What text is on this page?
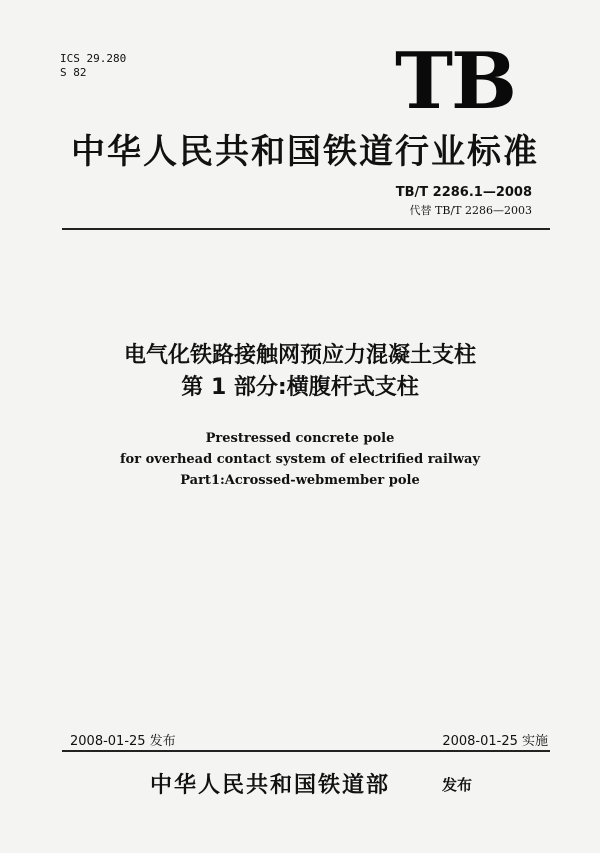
ICS 29.280
S 82	TB
中华人民共和国铁道行业标准
TB/T 2286.1—2008
代替 TB/T 2286—2003
电气化铁路接触网预应力混凝土支柱
第 1 部分:横腹杆式支柱
Prestressed concrete pole
for overhead contact system of electrified railway
Part1:Acrossed-webmember pole
2008-01-25 发布	2008-01-25 实施
中华人民共和国铁道部	发布
